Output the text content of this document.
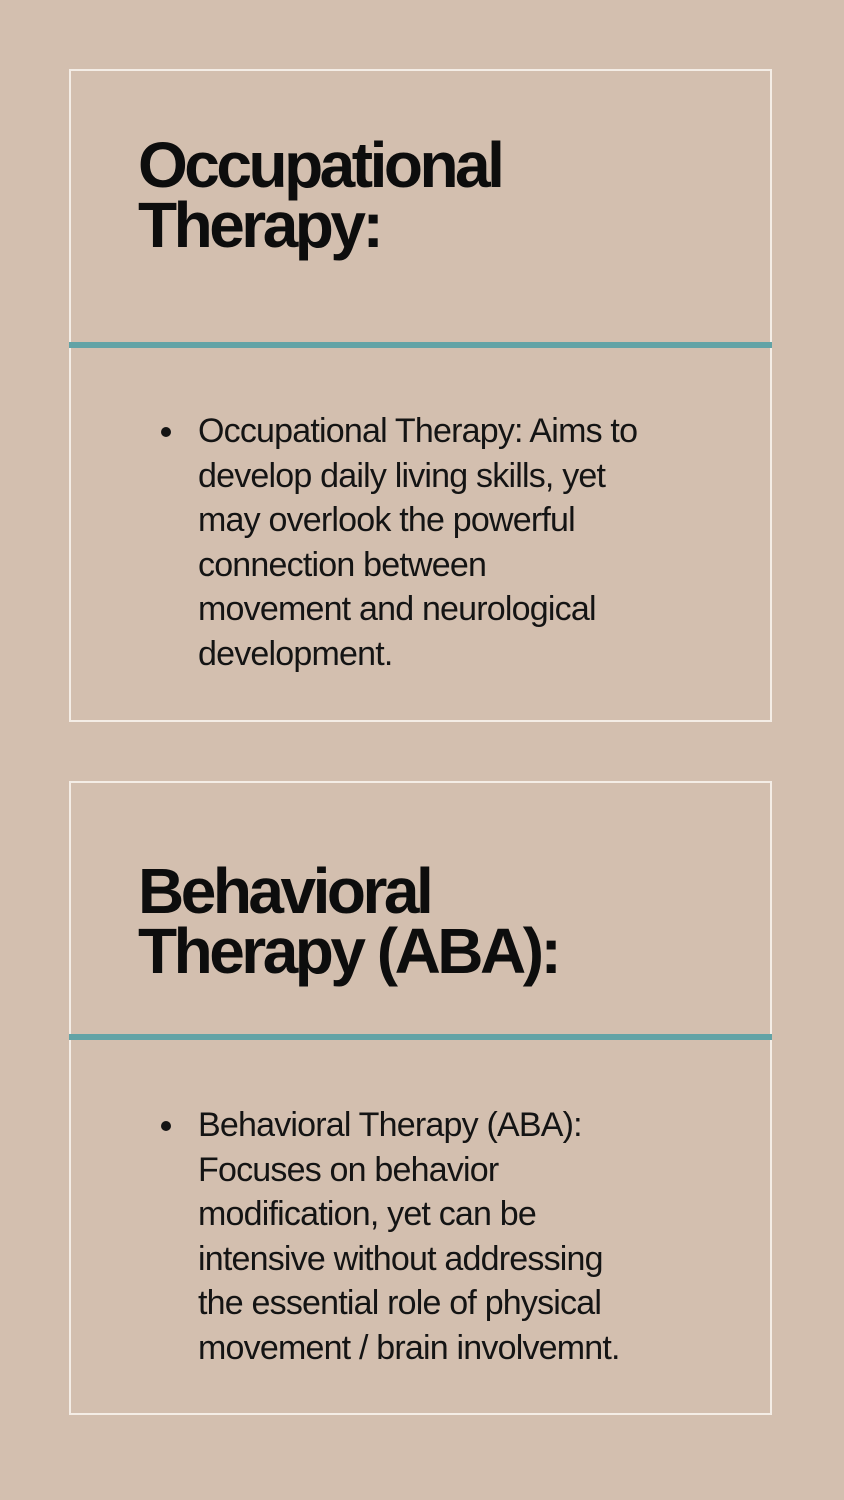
Occupational
Therapy:
Occupational Therapy: Aims to
develop daily living skills, yet
may overlook the powerful
connection between
movement and neurological
development.
Behavioral
Therapy (ABA):
Behavioral Therapy (ABA):
Focuses on behavior
modification, yet can be
intensive without addressing
the essential role of physical
movement / brain involvemnt.
